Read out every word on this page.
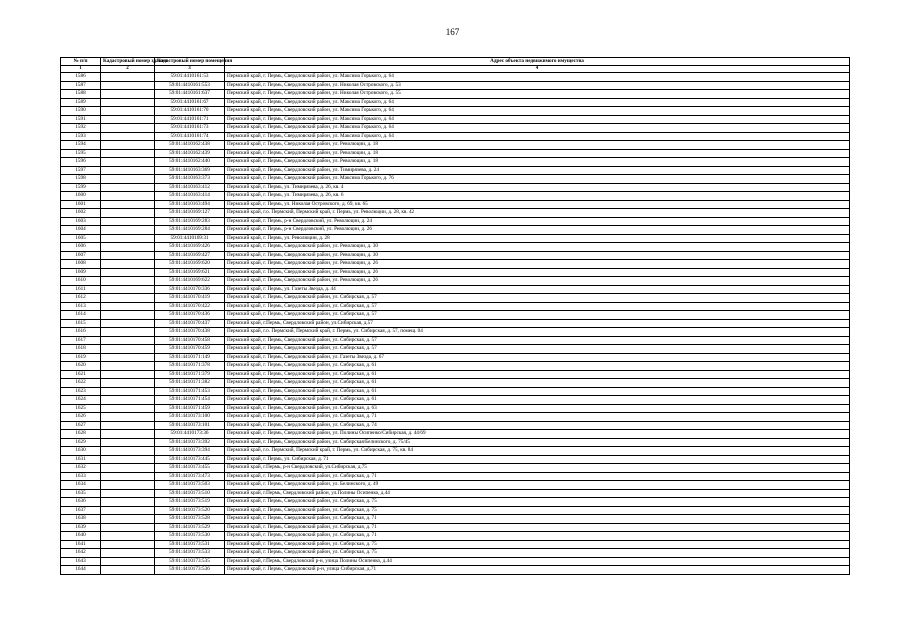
167
№ п/п	Кадастровый номер здания	Кадастровый номер помещения	Адрес объекта недвижимого имущества
1	2	3	4
1586		59:01:4410161:53	Пермский край, г. Пермь, Свердловский район, ул. Максима Горького, д. 64
1587		59:01:4410161:553	Пермский край, г. Пермь, Свердловский район, ул. Николая Островского, д. 53
1588		59:01:4410161:637	Пермский край, г. Пермь, Свердловский район, ул. Николая Островского, д. 55
1589		59:01:4410161:67	Пермский край, г. Пермь, Свердловский район, ул. Максима Горького, д. 64
1590		59:01:4410161:70	Пермский край, г. Пермь, Свердловский район, ул. Максима Горького, д. 64
1591		59:01:4410161:71	Пермский край, г. Пермь, Свердловский район, ул. Максима Горького, д. 64
1592		59:01:4410161:73	Пермский край, г. Пермь, Свердловский район, ул. Максима Горького, д. 64
1593		59:01:4410161:74	Пермский край, г. Пермь, Свердловский район, ул. Максима Горького, д. 64
1594		59:01:4410162:438	Пермский край, г. Пермь, Свердловский район, ул. Революции, д. 18
1595		59:01:4410162:439	Пермский край, г. Пермь, Свердловский район, ул. Революции, д. 18
1596		59:01:4410162:440	Пермский край, г. Пермь, Свердловский район, ул. Революции, д. 18
1597		59:01:4410163:369	Пермский край, г. Пермь, Свердловский район, ул. Тимирязева, д. 24
1598		59:01:4410163:373	Пермский край, г. Пермь, Свердловский район, ул. Максима Горького, д. 76
1599		59:01:4410163:412	Пермский край, г. Пермь, ул. Тимирязева, д. 26, кв. 4
1600		59:01:4410163:414	Пермский край, г. Пермь, ул. Тимирязева, д. 26, кв. 6
1601		59:01:4410163:494	Пермский край, г. Пермь, ул. Николая Островского, д. 69, кв. 65
1602		59:01:4410169:127	Пермский край, г.о. Пермский, Пермский край, г. Пермь, ул. Революции, д. 28, кв. 42
1603		59:01:4410169:283	Пермский край, г. Пермь, р-н Свердловский, ул. Революции, д. 24
1604		59:01:4410169:284	Пермский край, г. Пермь, р-н Свердловский, ул. Революции, д. 26
1605		59:01:4410169:31	Пермский край, г. Пермь, ул. Революции, д. 28
1606		59:01:4410169:426	Пермский край, г. Пермь, Свердловский район, ул. Революции, д. 30
1607		59:01:4410169:427	Пермский край, г. Пермь, Свердловский район, ул. Революции, д. 30
1608		59:01:4410169:620	Пермский край, г. Пермь, Свердловский район, ул. Революции, д. 26
1609		59:01:4410169:621	Пермский край, г. Пермь, Свердловский район, ул. Революции, д. 26
1610		59:01:4410169:622	Пермский край, г. Пермь, Свердловский район, ул. Революции, д. 26
1611		59:01:4410170:336	Пермский край, г. Пермь, ул. Газеты Звезда, д. 44
1612		59:01:4410170:419	Пермский край, г. Пермь, Свердловский район, ул. Сибирская, д. 57
1613		59:01:4410170:422	Пермский край, г. Пермь, Свердловский район, ул. Сибирская, д. 57
1614		59:01:4410170:436	Пермский край, г. Пермь, Свердловский район, ул. Сибирская, д. 57
1615		59:01:4410170:437	Пермский край, г.Пермь, Свердловский район, ул.Сибирская, д.57
1616		59:01:4410170:438	Пермский край, г.о. Пермский, Пермский край, г. Пермь, ул. Сибирская, д. 57, помещ. 04
1617		59:01:4410170:458	Пермский край, г. Пермь, Свердловский район, ул. Сибирская, д. 57
1618		59:01:4410170:459	Пермский край, г. Пермь, Свердловский район, ул. Сибирская, д. 57
1619		59:01:4410171:149	Пермский край, г. Пермь, Свердловский район, ул. Газеты Звезда, д. 67
1620		59:01:4410171:378	Пермский край, г. Пермь, Свердловский район, ул. Сибирская, д. 61
1621		59:01:4410171:379	Пермский край, г. Пермь, Свердловский район, ул. Сибирская, д. 61
1622		59:01:4410171:382	Пермский край, г. Пермь, Свердловский район, ул. Сибирская, д. 61
1623		59:01:4410171:453	Пермский край, г. Пермь, Свердловский район, ул. Сибирская, д. 61
1624		59:01:4410171:454	Пермский край, г. Пермь, Свердловский район, ул. Сибирская, д. 61
1625		59:01:4410171:459	Пермский край, г. Пермь, Свердловский район, ул. Сибирская, д. 63
1626		59:01:4410173:100	Пермский край, г. Пермь, Свердловский район, ул. Сибирская, д. 71
1627		59:01:4410173:101	Пермский край, г. Пермь, Свердловский район, ул. Сибирская, д. 74
1628		59:01:4410173:36	Пермский край, г. Пермь, Свердловский район, ул. Полины Осипенко/Сибирская, д. 44/69
1629		59:01:4410173:392	Пермский край, г. Пермь, Свердловский район, ул. Сибирская/Белинского, д. 75/45
1630		59:01:4410173:394	Пермский край, г.о. Пермский, Пермский край, г. Пермь, ул. Сибирская, д. 75, кв. 84
1631		59:01:4410173:445	Пермский край, г. Пермь, ул. Сибирская, д. 71
1632		59:01:4410173:455	Пермский край, г.Пермь, р-н Свердловский, ул.Сибирская, д.75
1633		59:01:4410173:473	Пермский край, г. Пермь, Свердловский район, ул. Сибирская, д. 71
1634		59:01:4410173:503	Пермский край, г. Пермь, Свердловский район, ул. Белинского, д. 49
1635		59:01:4410173:510	Пермский край, г.Пермь, Свердловский район, ул.Полины Осипенко, д.44
1636		59:01:4410173:519	Пермский край, г. Пермь, Свердловский район, ул. Сибирская, д. 75
1637		59:01:4410173:520	Пермский край, г. Пермь, Свердловский район, ул. Сибирская, д. 75
1638		59:01:4410173:528	Пермский край, г. Пермь, Свердловский район, ул. Сибирская, д. 71
1639		59:01:4410173:529	Пермский край, г. Пермь, Свердловский район, ул. Сибирская, д. 71
1640		59:01:4410173:530	Пермский край, г. Пермь, Свердловский район, ул. Сибирская, д. 71
1641		59:01:4410173:531	Пермский край, г. Пермь, Свердловский район, ул. Сибирская, д. 75
1642		59:01:4410173:533	Пермский край, г. Пермь, Свердловский район, ул. Сибирская, д. 75
1643		59:01:4410173:535	Пермский край, г.Пермь, Свердловский р-н, улица Полины Осипенко, д.44
1644		59:01:4410173:536	Пермский край, г. Пермь, Свердловский р-н, улица Сибирская, д.71
